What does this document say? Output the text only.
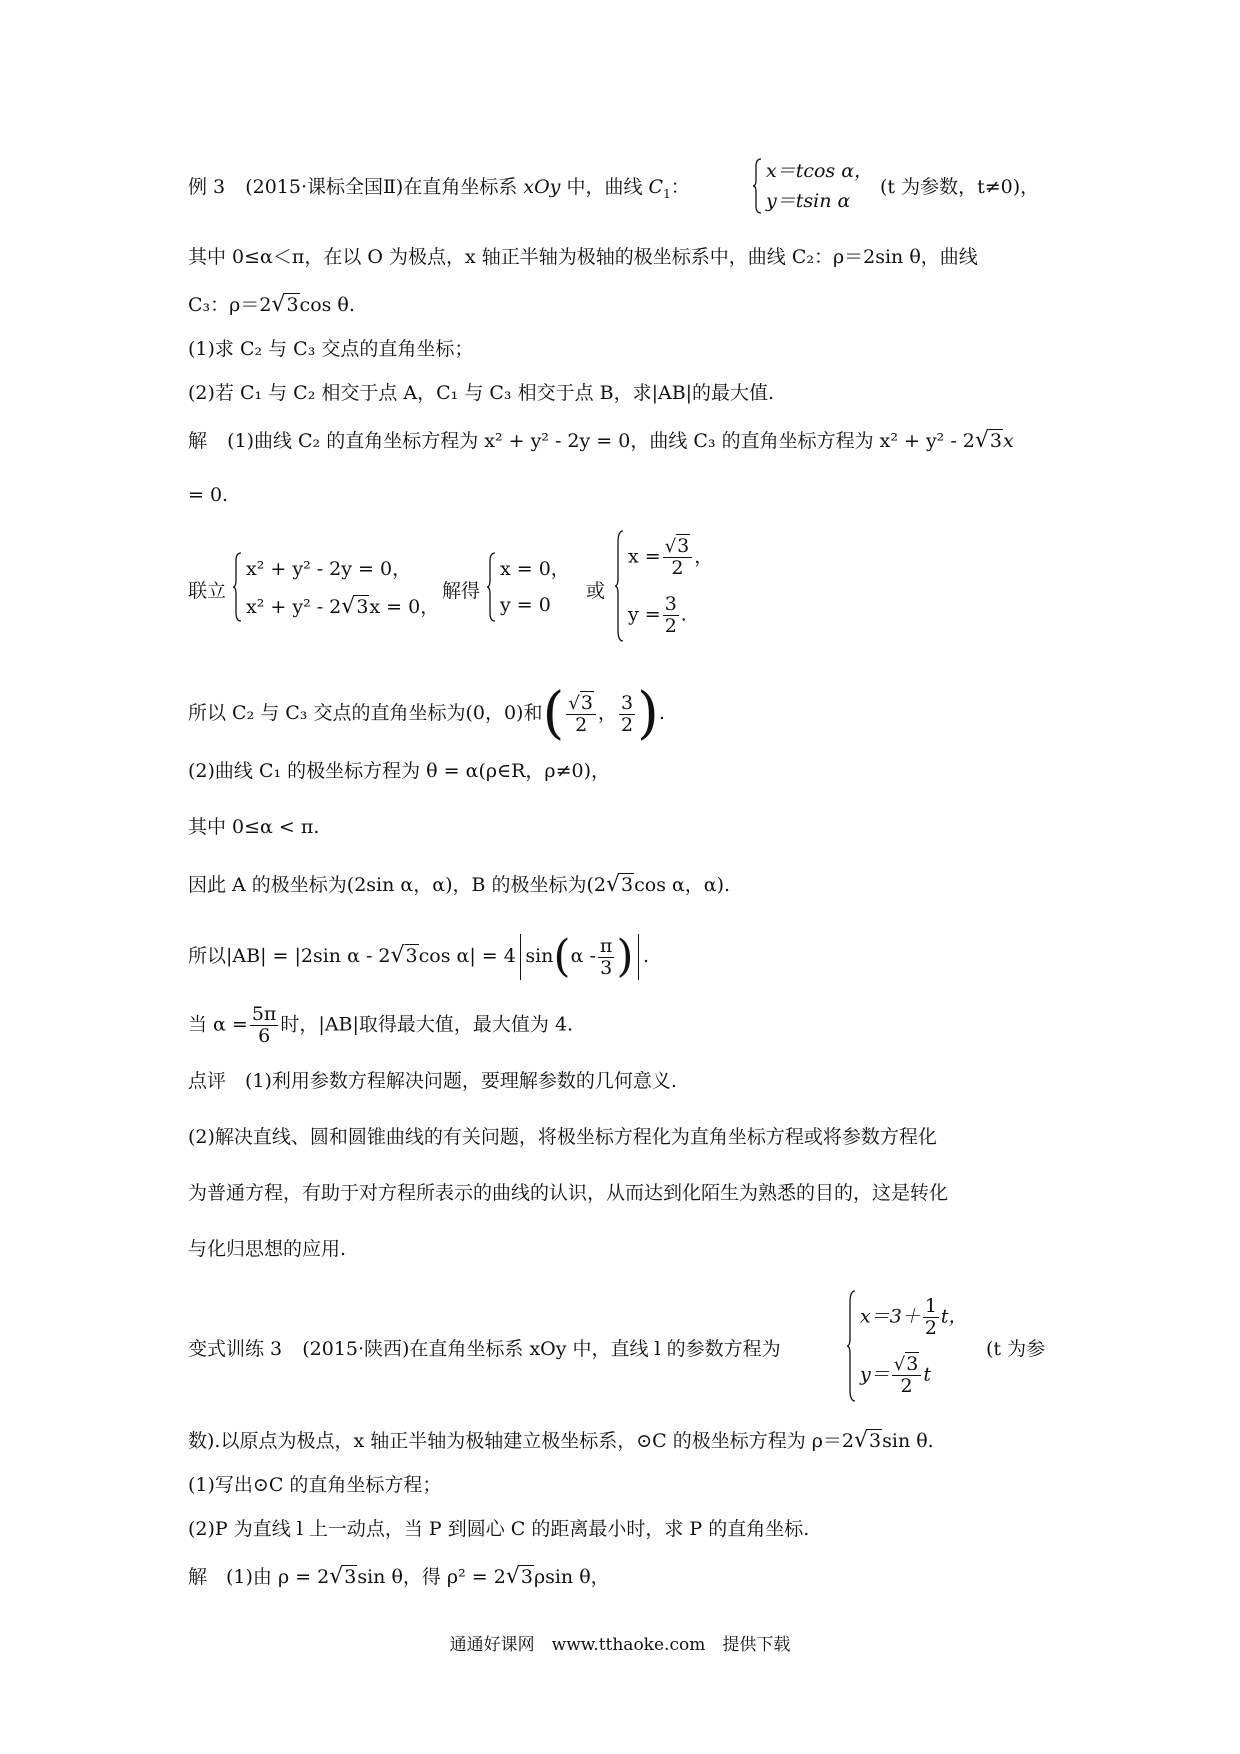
例 3 (2015·课标全国Ⅱ)在直角坐标系 xOy 中，曲线 $C_1$：
x＝tcos α，
y＝tsin α
(t 为参数，t≠0)，
其中 0≤α＜π，在以 O 为极点，x 轴正半轴为极轴的极坐标系中，曲线 C₂：ρ＝2sin θ，曲线
C₃：ρ＝2√3cos θ.
(1)求 C₂ 与 C₃ 交点的直角坐标；
(2)若 C₁ 与 C₂ 相交于点 A，C₁ 与 C₃ 相交于点 B，求|AB|的最大值.
解 (1)曲线 C₂ 的直角坐标方程为 x² + y² - 2y = 0，曲线 C₃ 的直角坐标方程为 x² + y² - 2√3x
= 0.
联立
x² + y² - 2y = 0，
x² + y² - 2√3x = 0，
解得
x = 0，
y = 0
或
$x = \frac{√3}{2}$ ，
$y = \frac{3}{2}$ .
所以 C₂ 与 C₃ 交点的直角坐标为(0，0)和( $\frac{√3}{2}$ ， $\frac{3}{2}$ ).
(2)曲线 C₁ 的极坐标方程为 θ = α(ρ∈R，ρ≠0)，
其中 0≤α < π.
因此 A 的极坐标为(2sin α，α)，B 的极坐标为(2√3cos α，α).
所以|AB| = |2sin α - 2√3cos α| = 4 $\sin(\alpha - \frac{\pi}{3}$ ) .
当 $\alpha = \frac{5\pi}{6}$ 时，|AB|取得最大值，最大值为 4.
点评　(1)利用参数方程解决问题，要理解参数的几何意义.
(2)解决直线、圆和圆锥曲线的有关问题，将极坐标方程化为直角坐标方程或将参数方程化
为普通方程，有助于对方程所表示的曲线的认识，从而达到化陌生为熟悉的目的，这是转化
与化归思想的应用.
变式训练 3 (2015·陕西)在直角坐标系 xOy 中，直线 l 的参数方程为
$x=3+ \frac{1}{2}$ t，
$y= \frac{√3}{2}$ t
(t 为参
数).以原点为极点，x 轴正半轴为极轴建立极坐标系，⊙C 的极坐标方程为 ρ＝2√3sin θ.
(1)写出⊙C 的直角坐标方程；
(2)P 为直线 l 上一动点，当 P 到圆心 C 的距离最小时，求 P 的直角坐标.
解　(1)由 ρ = 2√3sin θ，得 ρ² = 2√3ρsin θ，
通通好课网　www.tthaoke.com　提供下载
